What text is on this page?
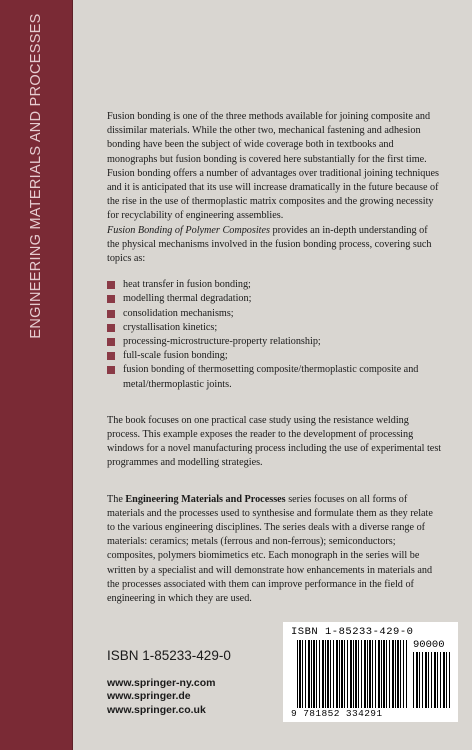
ENGINEERING MATERIALS AND PROCESSES	Fusion bonding is one of the three methods available for joining composite and dissimilar materials. While the other two, mechanical fastening and adhesion bonding have been the subject of wide coverage both in textbooks and monographs but fusion bonding is covered here substantially for the first time. Fusion bonding offers a number of advantages over traditional joining techniques and it is anticipated that its use will increase dramatically in the future because of the rise in the use of thermoplastic matrix composites and the growing necessity for recyclability of engineering assemblies.

Fusion Bonding of Polymer Composites provides an in-depth understanding of the physical mechanisms involved in the fusion bonding process, covering such topics as:

heat transfer in fusion bonding;
modelling thermal degradation;
consolidation mechanisms;
crystallisation kinetics;
processing-microstructure-property relationship;
full-scale fusion bonding;
fusion bonding of thermosetting composite/thermoplastic composite and metal/thermoplastic joints.

The book focuses on one practical case study using the resistance welding process. This example exposes the reader to the development of processing windows for a novel manufacturing process including the use of experimental test programmes and modelling strategies.

The Engineering Materials and Processes series focuses on all forms of materials and the processes used to synthesise and formulate them as they relate to the various engineering disciplines. The series deals with a diverse range of materials: ceramics; metals (ferrous and non-ferrous); semiconductors; composites, polymers biomimetics etc. Each monograph in the series will be written by a specialist and will demonstrate how enhancements in materials and the processes associated with them can improve performance in the field of engineering in which they are used.

ISBN 1-85233-429-0
www.springer-ny.com
www.springer.de
www.springer.co.uk
ISBN 1-85233-429-0
90000
9 781852 334291
